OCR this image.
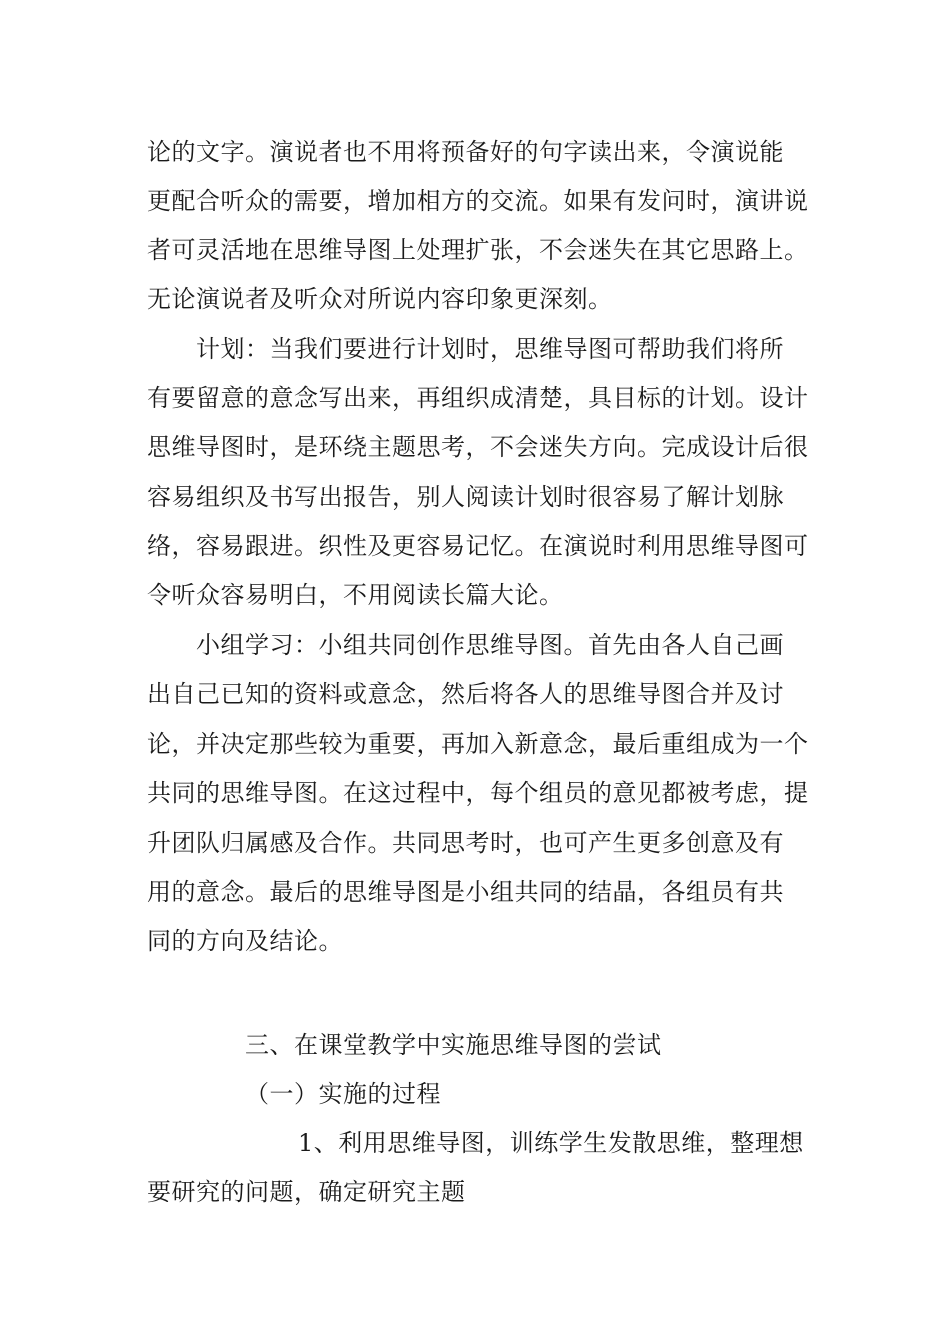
论的文字。演说者也不用将预备好的句字读出来，令演说能
更配合听众的需要，增加相方的交流。如果有发问时，演讲说
者可灵活地在思维导图上处理扩张，不会迷失在其它思路上。
无论演说者及听众对所说内容印象更深刻。
计划：当我们要进行计划时，思维导图可帮助我们将所
有要留意的意念写出来，再组织成清楚，具目标的计划。设计
思维导图时，是环绕主题思考，不会迷失方向。完成设计后很
容易组织及书写出报告，别人阅读计划时很容易了解计划脉
络，容易跟进。织性及更容易记忆。在演说时利用思维导图可
令听众容易明白，不用阅读长篇大论。
小组学习：小组共同创作思维导图。首先由各人自己画
出自己已知的资料或意念，然后将各人的思维导图合并及讨
论，并决定那些较为重要，再加入新意念，最后重组成为一个
共同的思维导图。在这过程中，每个组员的意见都被考虑，提
升团队归属感及合作。共同思考时，也可产生更多创意及有
用的意念。最后的思维导图是小组共同的结晶，各组员有共
同的方向及结论。
三、在课堂教学中实施思维导图的尝试
（一）实施的过程
1、利用思维导图，训练学生发散思维，整理想
要研究的问题，确定研究主题
